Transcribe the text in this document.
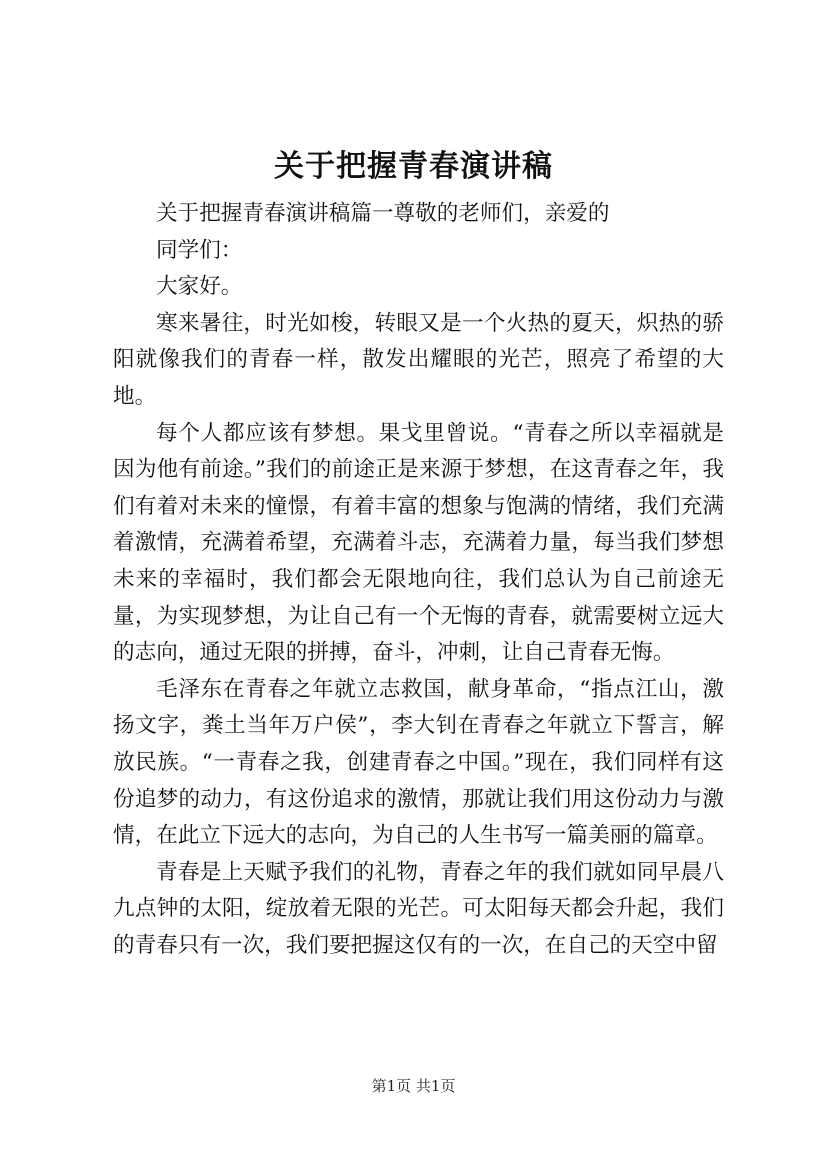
关于把握青春演讲稿

关于把握青春演讲稿篇一尊敬的老师们，亲爱的

同学们：

大家好。

寒来暑往，时光如梭，转眼又是一个火热的夏天，炽热的骄阳就像我们的青春一样，散发出耀眼的光芒，照亮了希望的大地。

每个人都应该有梦想。果戈里曾说。“青春之所以幸福就是因为他有前途。”我们的前途正是来源于梦想，在这青春之年，我们有着对未来的憧憬，有着丰富的想象与饱满的情绪，我们充满着激情，充满着希望，充满着斗志，充满着力量，每当我们梦想未来的幸福时，我们都会无限地向往，我们总认为自己前途无量，为实现梦想，为让自己有一个无悔的青春，就需要树立远大的志向，通过无限的拼搏，奋斗，冲刺，让自己青春无悔。

毛泽东在青春之年就立志救国，献身革命，“指点江山，激扬文字，粪土当年万户侯”，李大钊在青春之年就立下誓言，解放民族。“一青春之我，创建青春之中国。”现在，我们同样有这份追梦的动力，有这份追求的激情，那就让我们用这份动力与激情，在此立下远大的志向，为自己的人生书写一篇美丽的篇章。

青春是上天赋予我们的礼物，青春之年的我们就如同早晨八九点钟的太阳，绽放着无限的光芒。可太阳每天都会升起，我们的青春只有一次，我们要把握这仅有的一次，在自己的天空中留

第1页 共1页
